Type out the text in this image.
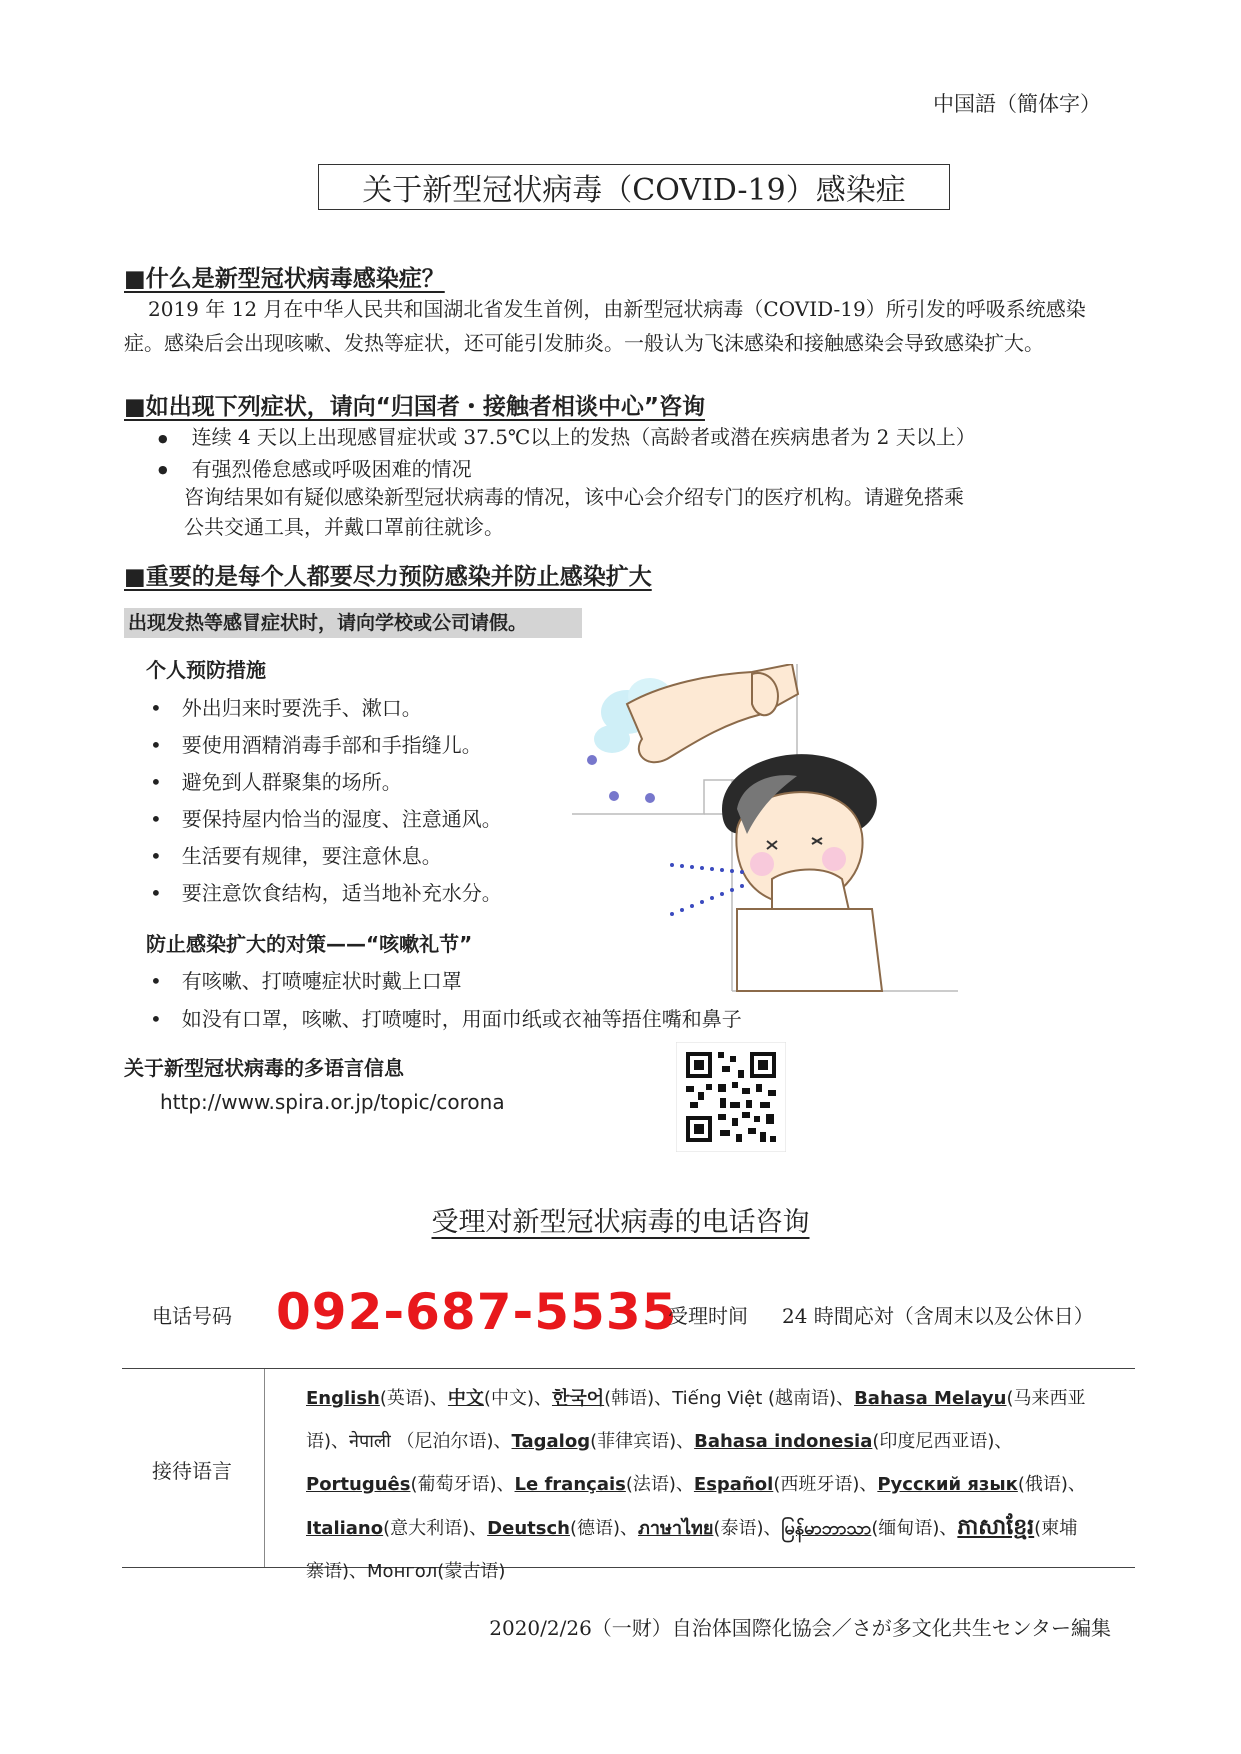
中国語（簡体字）
关于新型冠状病毒（COVID-19）感染症
■什么是新型冠状病毒感染症？
2019 年 12 月在中华人民共和国湖北省发生首例，由新型冠状病毒（COVID-19）所引发的呼吸系统感染
症。感染后会出现咳嗽、发热等症状，还可能引发肺炎。一般认为飞沫感染和接触感染会导致感染扩大。
■如出现下列症状，请向“归国者・接触者相谈中心”咨询
● 连续 4 天以上出现感冒症状或 37.5℃以上的发热（高龄者或潜在疾病患者为 2 天以上）
● 有强烈倦怠感或呼吸困难的情况
咨询结果如有疑似感染新型冠状病毒的情况，该中心会介绍专门的医疗机构。请避免搭乘
公共交通工具，并戴口罩前往就诊。
■重要的是每个人都要尽力预防感染并防止感染扩大
出现发热等感冒症状时，请向学校或公司请假。
个人预防措施
• 外出归来时要洗手、漱口。
• 要使用酒精消毒手部和手指缝儿。
• 避免到人群聚集的场所。
• 要保持屋内恰当的湿度、注意通风。
• 生活要有规律，要注意休息。
• 要注意饮食结构，适当地补充水分。
防止感染扩大的对策——“咳嗽礼节”
• 有咳嗽、打喷嚏症状时戴上口罩
• 如没有口罩，咳嗽、打喷嚏时，用面巾纸或衣袖等捂住嘴和鼻子
关于新型冠状病毒的多语言信息
http://www.spira.or.jp/topic/corona
受理对新型冠状病毒的电话咨询
电话号码 092-687-5535
受理时间 24 時間応対（含周末以及公休日）
接待语言
English(英语)、中文(中文)、한국어(韩语)、Tiếng Việt (越南语)、Bahasa Melayu(马来西亚
语)、नेपाली （尼泊尔语)、Tagalog(菲律宾语)、Bahasa indonesia(印度尼西亚语)、
Português(葡萄牙语)、Le français(法语)、Español(西班牙语)、Русский язык(俄语)、
Italiano(意大利语)、Deutsch(德语)、ภาษาไทย(泰语)、မြန်မာဘာသာ(缅甸语)、ភាសាខ្មែរ(柬埔
寨语)、Монгол(蒙古语)
2020/2/26（一财）自治体国際化協会／さが多文化共生センター編集
